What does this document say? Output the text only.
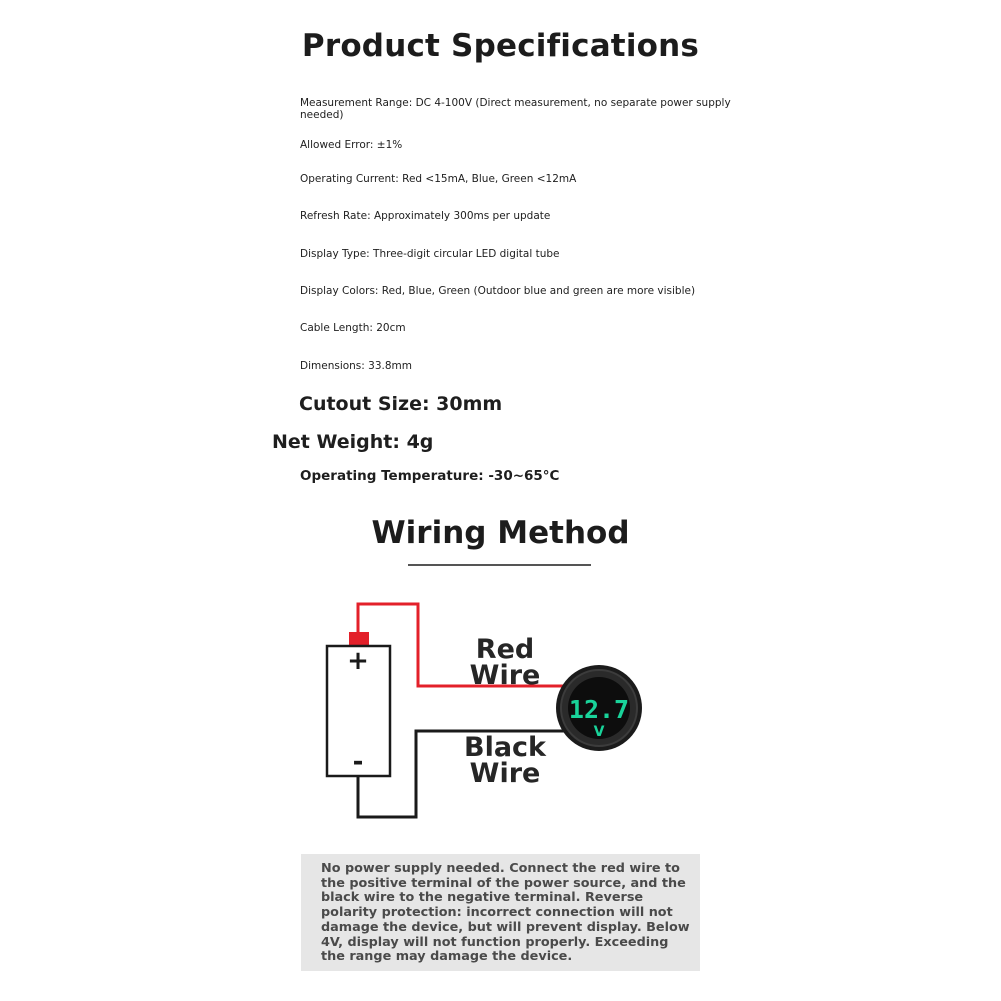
Product Specifications
Measurement Range: DC 4-100V (Direct measurement, no separate power supply needed)
Allowed Error: ±1%
Operating Current: Red <15mA, Blue, Green <12mA
Refresh Rate: Approximately 300ms per update
Display Type: Three-digit circular LED digital tube
Display Colors: Red, Blue, Green (Outdoor blue and green are more visible)
Cable Length: 20cm
Dimensions: 33.8mm
Cutout Size: 30mm
Net Weight: 4g
Operating Temperature: -30~65°C
Wiring Method
+
-
12.7
V
Red
Wire
Black
Wire
No power supply needed. Connect the red wire to the positive terminal of the power source, and the black wire to the negative terminal. Reverse polarity protection: incorrect connection will not damage the device, but will prevent display. Below 4V, display will not function properly. Exceeding the range may damage the device.
